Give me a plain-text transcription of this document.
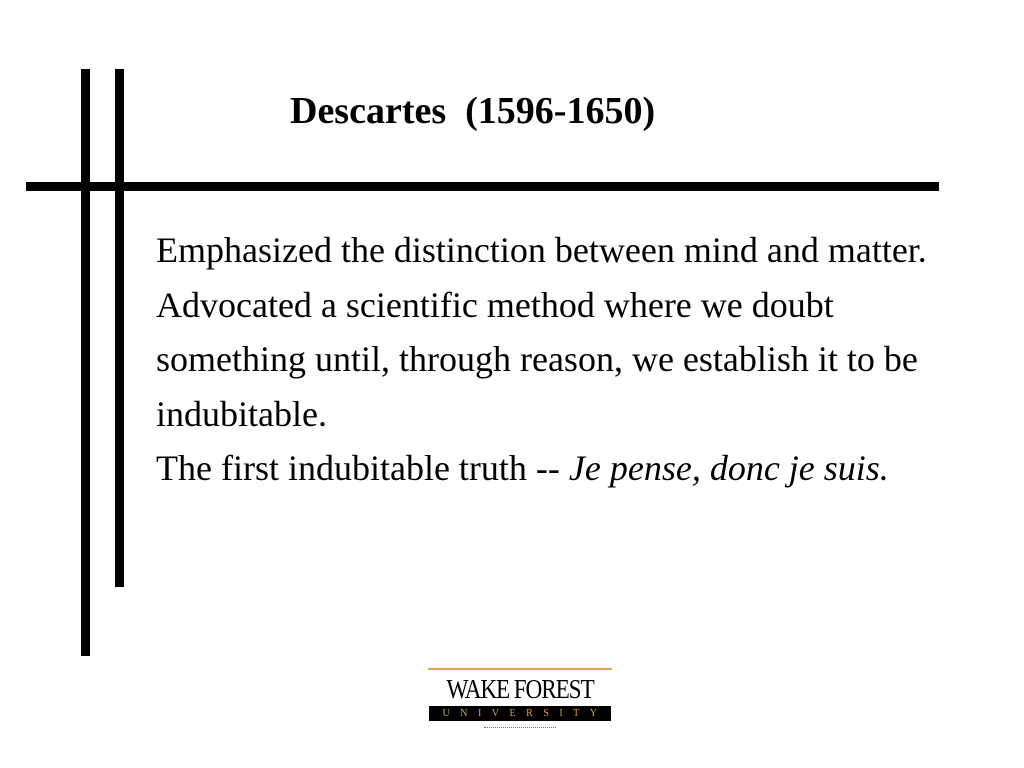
Descartes  (1596-1650)

Emphasized the distinction between mind and matter.

Advocated a scientific method where we doubt something until, through reason, we establish it to be indubitable.

The first indubitable truth -- Je pense, donc je suis.

WAKE FOREST
UNIVERSITY
